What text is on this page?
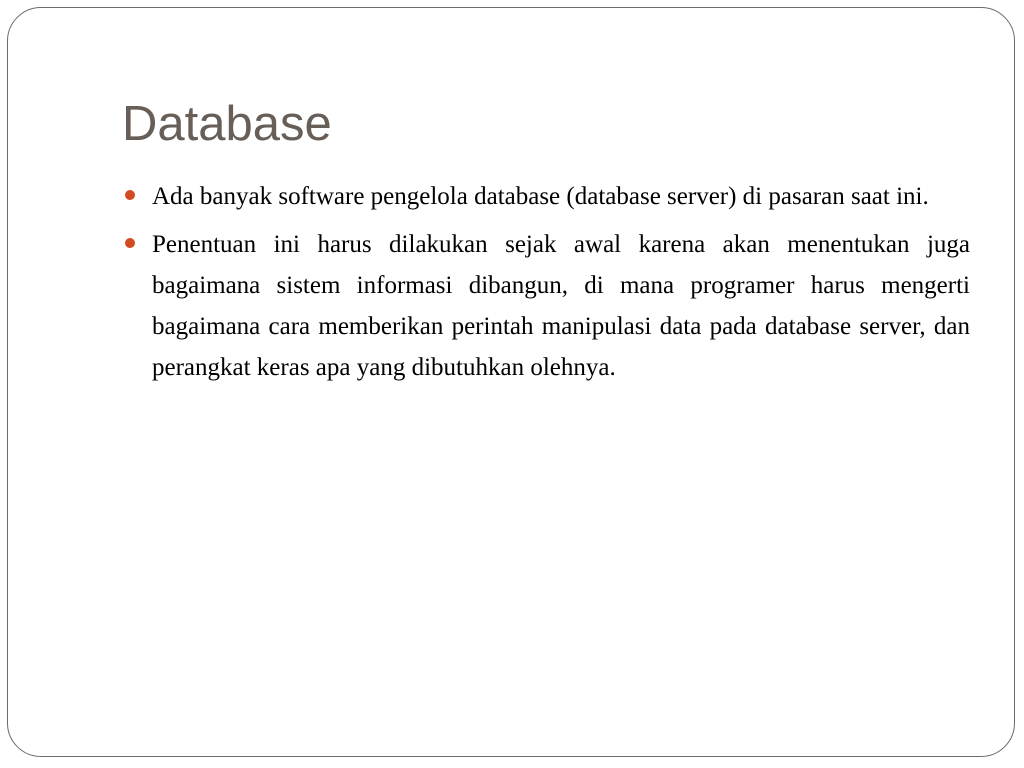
Database
Ada banyak software pengelola database (database server) di pasaran saat ini.
Penentuan ini harus dilakukan sejak awal karena akan menentukan juga bagaimana sistem informasi dibangun, di mana programer harus mengerti bagaimana cara memberikan perintah manipulasi data pada database server, dan perangkat keras apa yang dibutuhkan olehnya.
